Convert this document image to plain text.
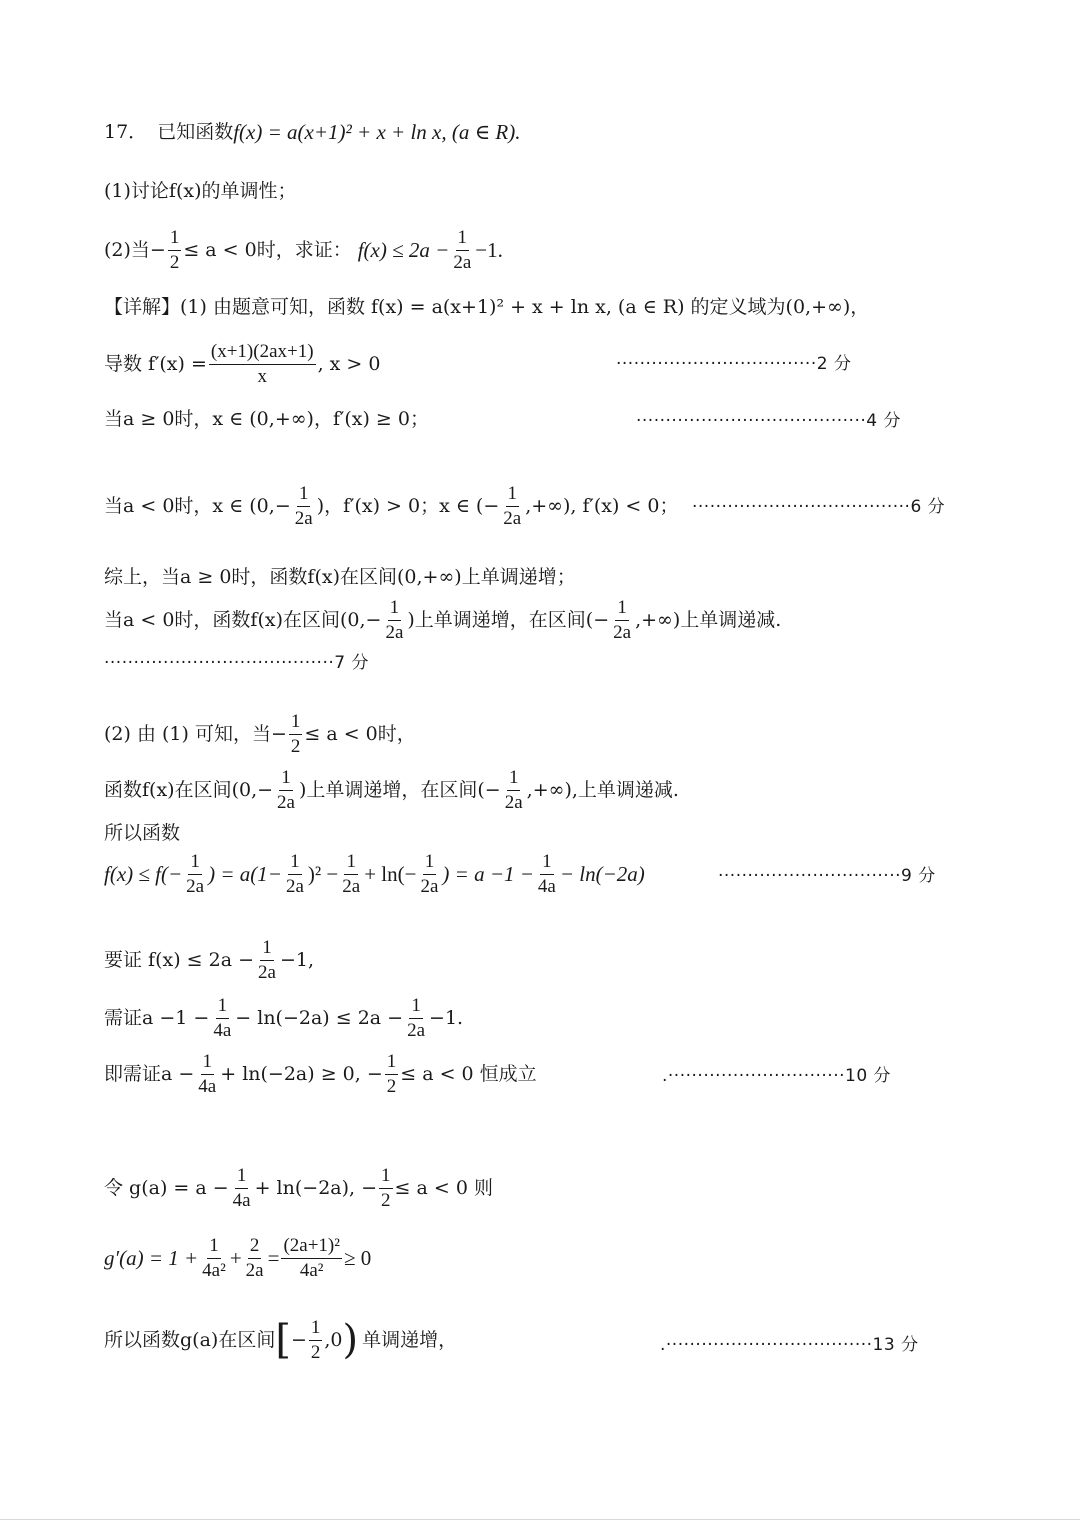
17． 已知函数 f(x) = a(x+1)² + x + ln x, (a ∈ R).
(1)讨论f(x)的单调性；
(2)当− $\frac{1}{2} \le a < 0$时，求证： $f(x) \le 2a - \frac{1}{2a} -1$.
【详解】(1) 由题意可知，函数 f(x) = a(x+1)² + x + ln x, (a ∈ R) 的定义域为(0,+∞)，
导数 $f'(x) = \frac{(x+1)(2ax+1)}{x}$ , x > 0	··································2 分
当a ≥ 0时，x ∈ (0,+∞)，f′(x) ≥ 0；	·······································4 分
当a < 0时，x ∈ ($0,- \frac{1}{2a}$ )，f′(x) > 0；x ∈ (− $\frac{1}{2a}$ ,+∞), f′(x) < 0； ·····································6 分
综上，当a ≥ 0时，函数f(x)在区间(0,+∞)上单调递增；
当a < 0时，函数f(x)在区间($0,- \frac{1}{2a}$ )上单调递增，在区间(− $\frac{1}{2a}$ ,+∞)上单调递减.
·······································7 分
(2) 由 (1) 可知，当− $\frac{1}{2} \le a < 0$时，
函数f(x)在区间($0,- \frac{1}{2a}$ )上单调递增，在区间(− $\frac{1}{2a}$ ,+∞),上单调递减.
所以函数
$f(x) \le f(- \frac{1}{2a}$ ) = $a(1- \frac{1}{2a} )^2 - \frac{1}{2a} + \ln(- \frac{1}{2a}$ ) = $a -1 - \frac{1}{4a} - \ln(-2a)$	·······························9 分
要证 $f(x) \le 2a - \frac{1}{2a} -1$,
需证$a -1 - \frac{1}{4a} - \ln(-2a) \le 2a - \frac{1}{2a} -1$.
即需证$a - \frac{1}{4a} + \ln(-2a) \ge 0$, − $\frac{1}{2} \le a < 0$ 恒成立	.······························10 分
令 $g(a) = a - \frac{1}{4a} + \ln(-2a)$, − $\frac{1}{2} \le a < 0$ 则
$g'(a) = 1 + \frac{1}{\text{4a²}} + \frac{2}{2a} = \frac{\text{(2a+1)²}}{\text{4a²}} \ge 0$
所以函数g(a)在区间 [ − $\frac{1}{2} ,0$ ) 单调递增，	.···································13 分
